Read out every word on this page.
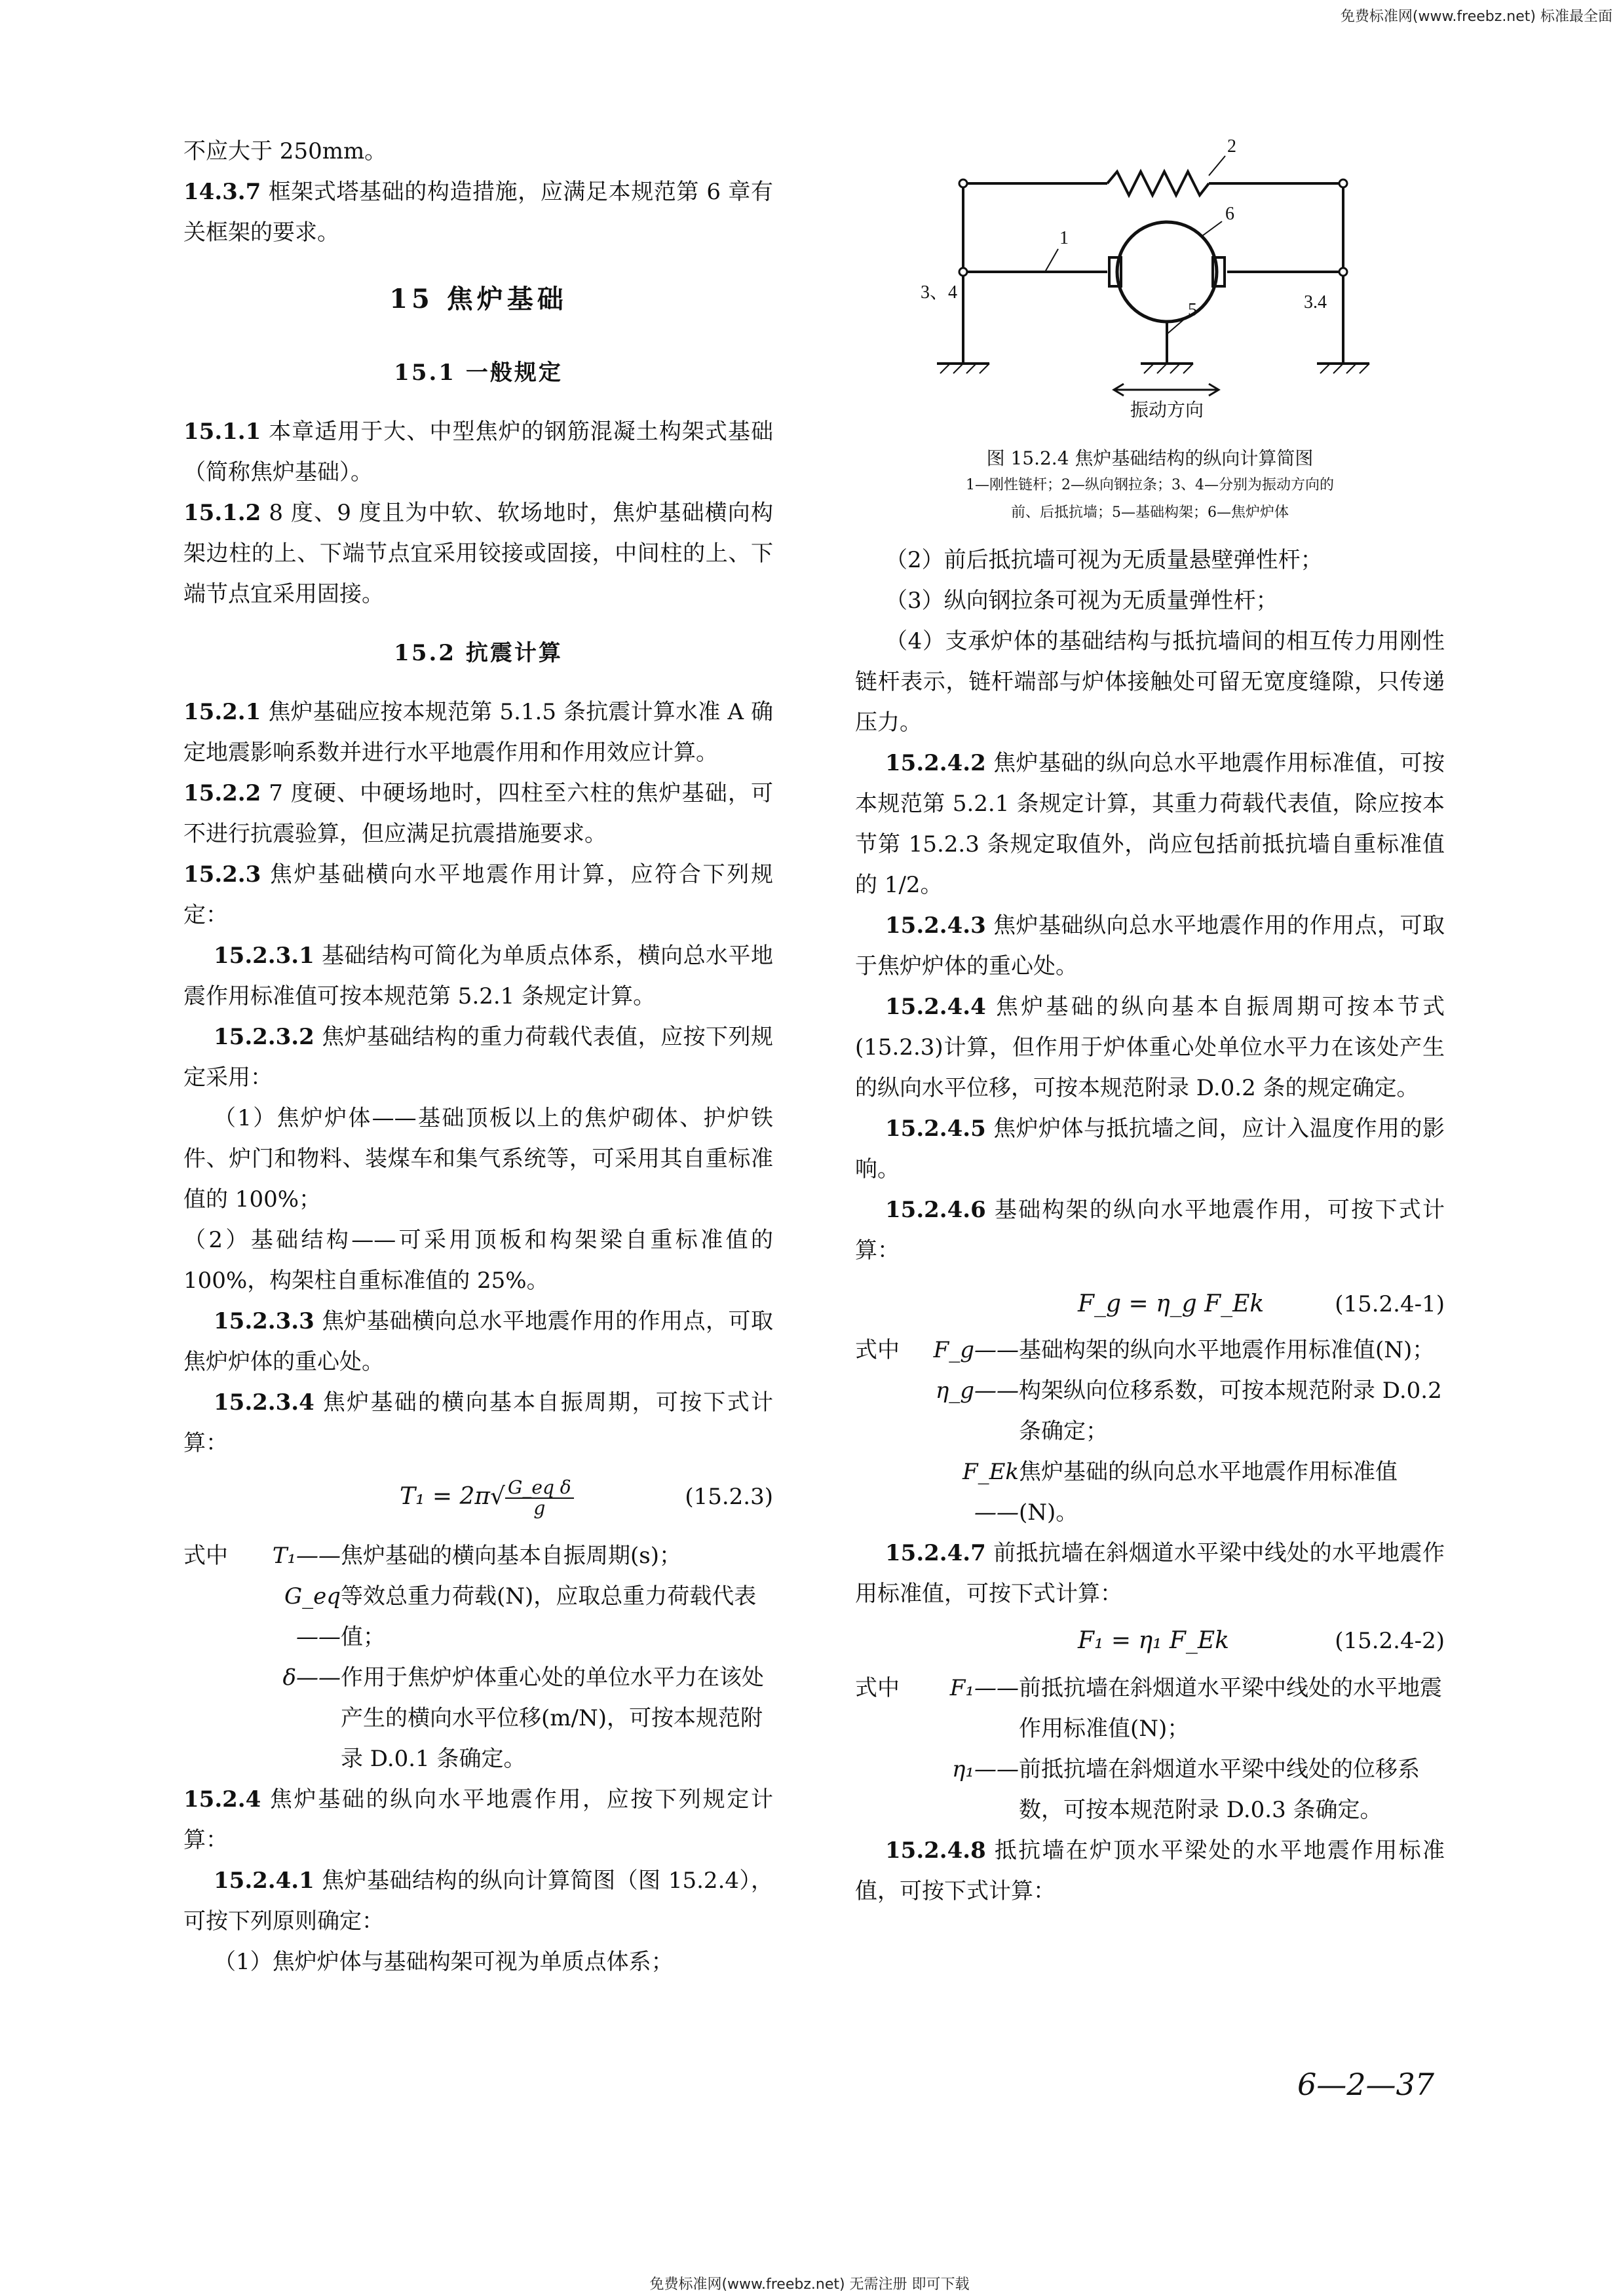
免费标准网(www.freebz.net) 标准最全面

不应大于 250mm。

14.3.7 框架式塔基础的构造措施，应满足本规范第 6 章有关框架的要求。

15 焦炉基础
15.1 一般规定

15.1.1 本章适用于大、中型焦炉的钢筋混凝土构架式基础（简称焦炉基础）。

15.1.2 8 度、9 度且为中软、软场地时，焦炉基础横向构架边柱的上、下端节点宜采用铰接或固接，中间柱的上、下端节点宜采用固接。

15.2 抗震计算

15.2.1 焦炉基础应按本规范第 5.1.5 条抗震计算水准 A 确定地震影响系数并进行水平地震作用和作用效应计算。

15.2.2 7 度硬、中硬场地时，四柱至六柱的焦炉基础，可不进行抗震验算，但应满足抗震措施要求。

15.2.3 焦炉基础横向水平地震作用计算，应符合下列规定：

15.2.3.1 基础结构可简化为单质点体系，横向总水平地震作用标准值可按本规范第 5.2.1 条规定计算。

15.2.3.2 焦炉基础结构的重力荷载代表值，应按下列规定采用：

（1）焦炉炉体——基础顶板以上的焦炉砌体、护炉铁件、炉门和物料、装煤车和集气系统等，可采用其自重标准值的 100%；

（2）基础结构——可采用顶板和构架梁自重标准值的 100%，构架柱自重标准值的 25%。

15.2.3.3 焦炉基础横向总水平地震作用的作用点，可取焦炉炉体的重心处。

15.2.3.4 焦炉基础的横向基本自振周期，可按下式计算：

$T_1 = 2\pi√ \frac{\text{G\_eq δ}}{g}$	(15.2.3)
式中	T₁—— 焦炉基础的横向基本自振周期(s)；
G_eq——
等效总重力荷载(N)，应取总重力荷载代表值；
δ—— 作用于焦炉炉体重心处的单位水平力在该处产生的横向水平位移(m/N)，可按本规范附录 D.0.1 条确定。

15.2.4 焦炉基础的纵向水平地震作用，应按下列规定计算：

15.2.4.1 焦炉基础结构的纵向计算简图（图 15.2.4），可按下列原则确定：

（1）焦炉炉体与基础构架可视为单质点体系；

2
1
6
5
3、4	3.4
振动方向
图 15.2.4 焦炉基础结构的纵向计算简图
1—刚性链杆；2—纵向钢拉条；3、4—分别为振动方向的
前、后抵抗墙；5—基础构架；6—焦炉炉体

（2）前后抵抗墙可视为无质量悬壁弹性杆；

（3）纵向钢拉条可视为无质量弹性杆；

（4）支承炉体的基础结构与抵抗墙间的相互传力用刚性链杆表示，链杆端部与炉体接触处可留无宽度缝隙，只传递压力。

15.2.4.2 焦炉基础的纵向总水平地震作用标准值，可按本规范第 5.2.1 条规定计算，其重力荷载代表值，除应按本节第 15.2.3 条规定取值外，尚应包括前抵抗墙自重标准值的 1/2。

15.2.4.3 焦炉基础纵向总水平地震作用的作用点，可取于焦炉炉体的重心处。

15.2.4.4 焦炉基础的纵向基本自振周期可按本节式(15.2.3)计算，但作用于炉体重心处单位水平力在该处产生的纵向水平位移，可按本规范附录 D.0.2 条的规定确定。

15.2.4.5 焦炉炉体与抵抗墙之间，应计入温度作用的影响。

15.2.4.6 基础构架的纵向水平地震作用，可按下式计算：

F_g = η_g F_Ek	(15.2.4-1)
式中	F_g—— 基础构架的纵向水平地震作用标准值(N)；
η_g—— 构架纵向位移系数，可按本规范附录 D.0.2 条确定；
F_Ek——
焦炉基础的纵向总水平地震作用标准值(N)。

15.2.4.7 前抵抗墙在斜烟道水平梁中线处的水平地震作用标准值，可按下式计算：

F₁ = η₁ F_Ek	(15.2.4-2)
式中	F₁—— 前抵抗墙在斜烟道水平梁中线处的水平地震作用标准值(N)；
η₁—— 前抵抗墙在斜烟道水平梁中线处的位移系数，可按本规范附录 D.0.3 条确定。

15.2.4.8 抵抗墙在炉顶水平梁处的水平地震作用标准值，可按下式计算：

6—2—37
免费标准网(www.freebz.net) 无需注册 即可下载
